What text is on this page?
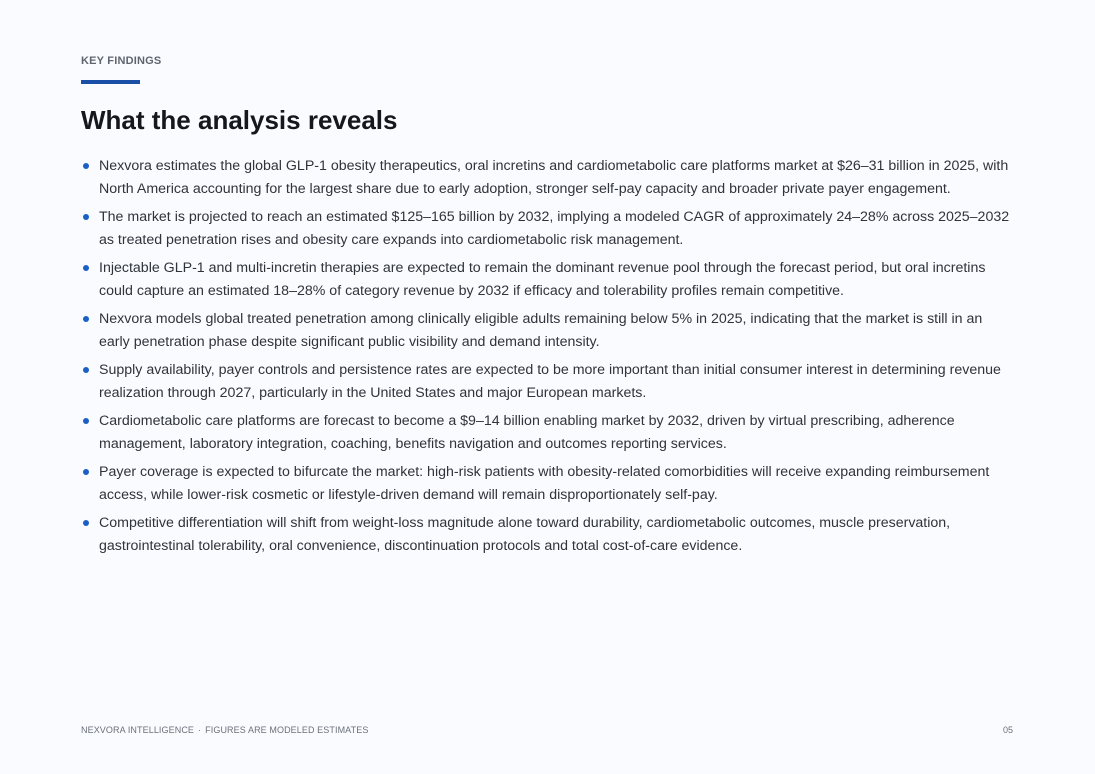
KEY FINDINGS
What the analysis reveals
Nexvora estimates the global GLP-1 obesity therapeutics, oral incretins and cardiometabolic care platforms market at $26–31 billion in 2025, with North America accounting for the largest share due to early adoption, stronger self-pay capacity and broader private payer engagement.
The market is projected to reach an estimated $125–165 billion by 2032, implying a modeled CAGR of approximately 24–28% across 2025–2032 as treated penetration rises and obesity care expands into cardiometabolic risk management.
Injectable GLP-1 and multi-incretin therapies are expected to remain the dominant revenue pool through the forecast period, but oral incretins could capture an estimated 18–28% of category revenue by 2032 if efficacy and tolerability profiles remain competitive.
Nexvora models global treated penetration among clinically eligible adults remaining below 5% in 2025, indicating that the market is still in an early penetration phase despite significant public visibility and demand intensity.
Supply availability, payer controls and persistence rates are expected to be more important than initial consumer interest in determining revenue realization through 2027, particularly in the United States and major European markets.
Cardiometabolic care platforms are forecast to become a $9–14 billion enabling market by 2032, driven by virtual prescribing, adherence management, laboratory integration, coaching, benefits navigation and outcomes reporting services.
Payer coverage is expected to bifurcate the market: high-risk patients with obesity-related comorbidities will receive expanding reimbursement access, while lower-risk cosmetic or lifestyle-driven demand will remain disproportionately self-pay.
Competitive differentiation will shift from weight-loss magnitude alone toward durability, cardiometabolic outcomes, muscle preservation, gastrointestinal tolerability, oral convenience, discontinuation protocols and total cost-of-care evidence.
NEXVORA INTELLIGENCE · FIGURES ARE MODELED ESTIMATES	05
